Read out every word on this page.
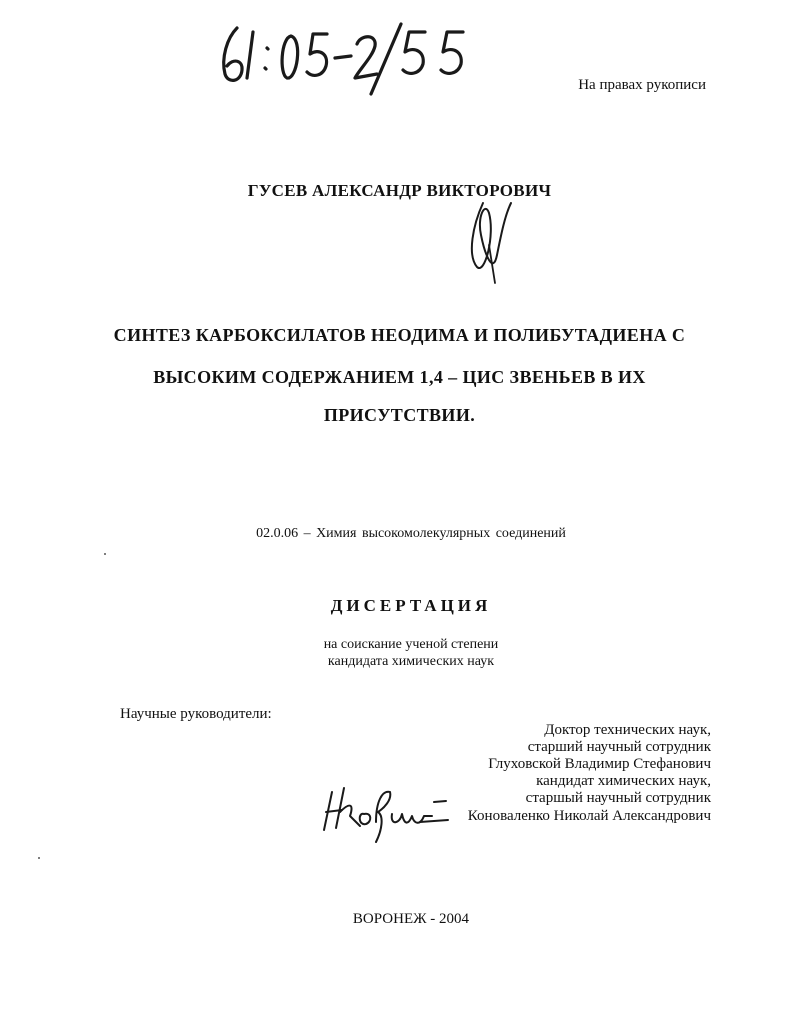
На правах рукописи
ГУСЕВ АЛЕКСАНДР ВИКТОРОВИЧ
СИНТЕЗ КАРБОКСИЛАТОВ НЕОДИМА И ПОЛИБУТАДИЕНА С
ВЫСОКИМ СОДЕРЖАНИЕМ 1,4 – ЦИС ЗВЕНЬЕВ В ИХ
ПРИСУТСТВИИ.
02.0.06 – Химия высокомолекулярных соединений
ДИСЕРТАЦИЯ
на соискание ученой степени
кандидата химических наук
Научные руководители:
Доктор технических наук,
старший научный сотрудник
Глуховской Владимир Стефанович
кандидат химических наук,
старшый научный сотрудник
Коноваленко Николай Александрович
ВОРОНЕЖ - 2004
